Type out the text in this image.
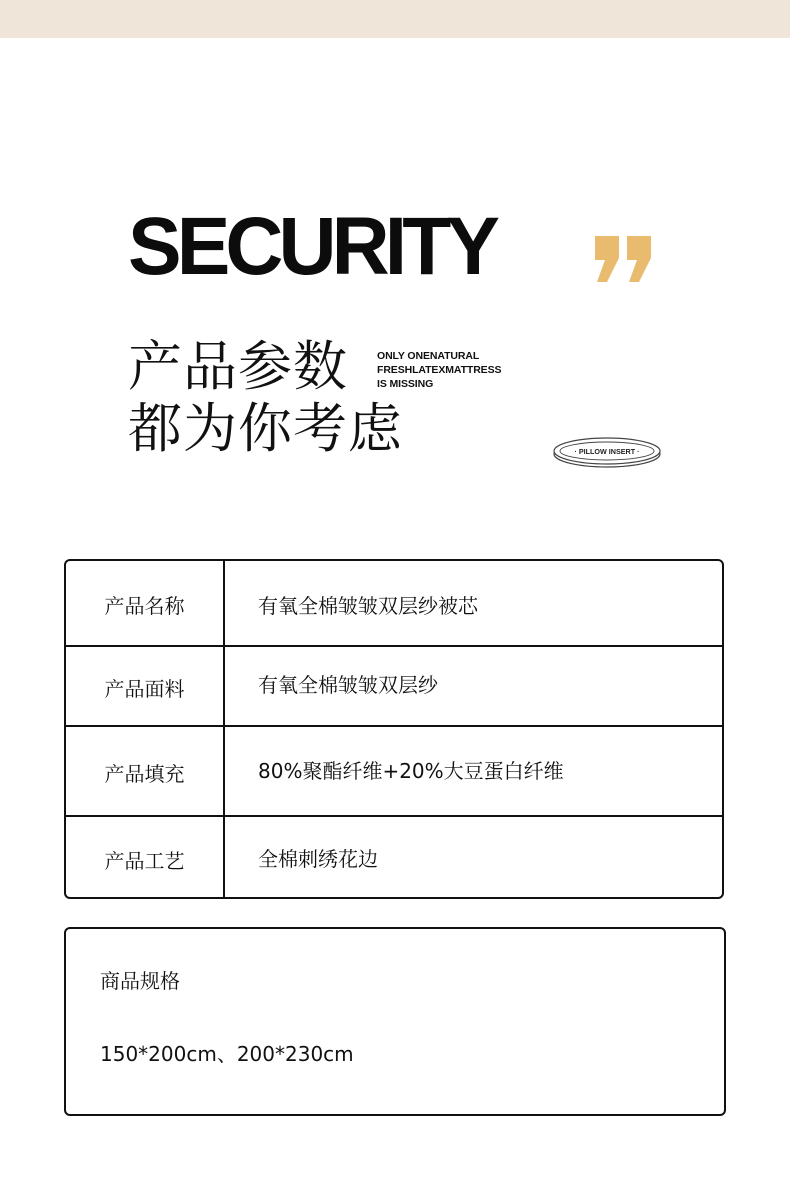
SECURITY
产品参数
都为你考虑
ONLY ONENATURAL
FRESHLATEXMATTRESS
IS MISSING
· PILLOW INSERT ·
产品名称	有氧全棉皱皱双层纱被芯
产品面料	有氧全棉皱皱双层纱
产品填充	80%聚酯纤维+20%大豆蛋白纤维
产品工艺	全棉刺绣花边
商品规格
150*200cm、200*230cm
